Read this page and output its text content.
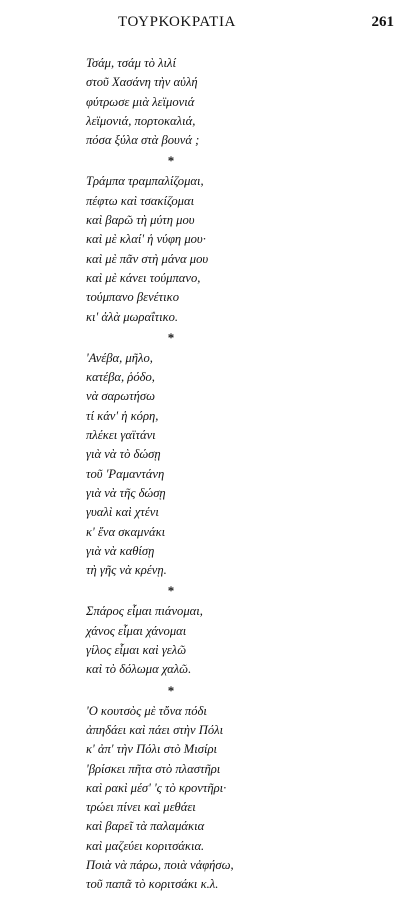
ΤΟΥΡΚΟΚΡΑΤΙΑ	261
Τσάμ, τσάμ τὸ λιλί
στοῦ Χασάνη τὴν αὐλή
φύτρωσε μιὰ λεϊμονιά
λεϊμονιά, πορτοκαλιά,
πόσα ξύλα στὰ βουνά ;
*
Τράμπα τραμπαλίζομαι,
πέφτω καὶ τσακίζομαι
καὶ βαρῶ τὴ μύτη μου
καὶ μὲ κλαί' ἡ νύφη μου·
καὶ μὲ πᾶν στὴ μάνα μου
καὶ μὲ κάνει τούμπανο,
τούμπανο βενέτικο
κι' ἀλὰ μωραΐτικο.
*
'Ανέβα, μῆλο,
κατέβα, ῥόδο,
νὰ σαρωτήσω
τί κάν' ἡ κόρη,
πλέκει γαϊτάνι
γιὰ νὰ τὸ δώσῃ
τοῦ 'Ραμαντάνη
γιὰ νὰ τῆς δώσῃ
γυαλὶ καὶ χτένι
κ' ἕνα σκαμνάκι
γιὰ νὰ καθίσῃ
τὴ γῆς νὰ κρένῃ.
*
Σπάρος εἶμαι πιάνομαι,
χάνος εἶμαι χάνομαι
γίλος εἶμαι καὶ γελῶ
καὶ τὸ δόλωμα χαλῶ.
*
'Ο κουτσὸς μὲ τὄνα πόδι
ἀπηδάει καὶ πάει στὴν Πόλι
κ' ἀπ' τὴν Πόλι στὸ Μισίρι
'βρίσκει πῆτα στὸ πλαστῆρι
καὶ ρακὶ μέσ' 'ς τὸ κροντῆρι·
τρώει πίνει καὶ μεθάει
καὶ βαρεῖ τὰ παλαμάκια
καὶ μαζεύει κοριτσάκια.
Ποιὰ νὰ πάρω, ποιὰ νἀφήσω,
τοῦ παπᾶ τὸ κοριτσάκι κ.λ.
